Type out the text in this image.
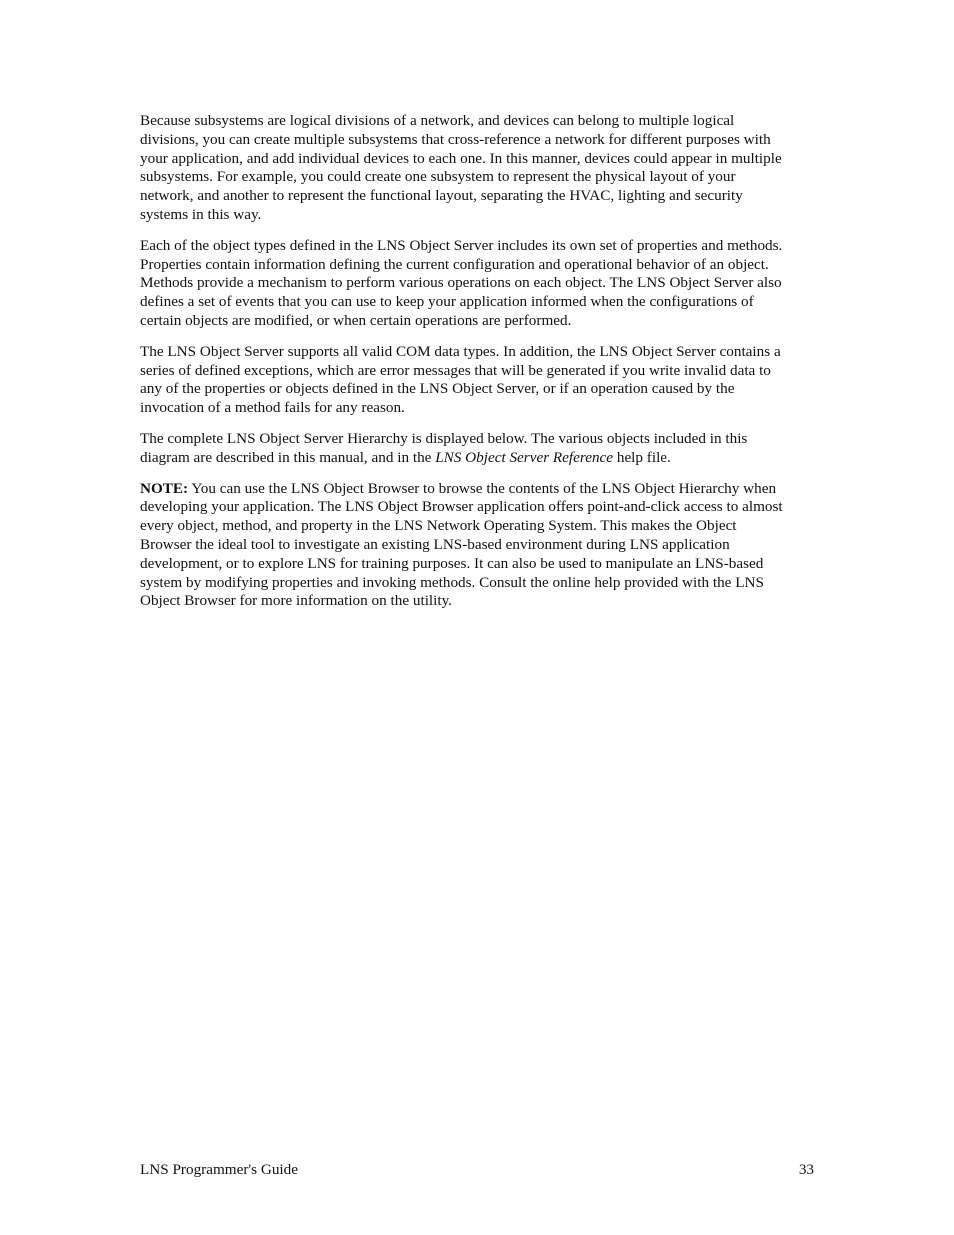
Because subsystems are logical divisions of a network, and devices can belong to multiple logical divisions, you can create multiple subsystems that cross-reference a network for different purposes with your application, and add individual devices to each one. In this manner, devices could appear in multiple subsystems. For example, you could create one subsystem to represent the physical layout of your network, and another to represent the functional layout, separating the HVAC, lighting and security systems in this way.

Each of the object types defined in the LNS Object Server includes its own set of properties and methods. Properties contain information defining the current configuration and operational behavior of an object. Methods provide a mechanism to perform various operations on each object. The LNS Object Server also defines a set of events that you can use to keep your application informed when the configurations of certain objects are modified, or when certain operations are performed.

The LNS Object Server supports all valid COM data types. In addition, the LNS Object Server contains a series of defined exceptions, which are error messages that will be generated if you write invalid data to any of the properties or objects defined in the LNS Object Server, or if an operation caused by the invocation of a method fails for any reason.

The complete LNS Object Server Hierarchy is displayed below. The various objects included in this diagram are described in this manual, and in the LNS Object Server Reference help file.

NOTE: You can use the LNS Object Browser to browse the contents of the LNS Object Hierarchy when developing your application. The LNS Object Browser application offers point-and-click access to almost every object, method, and property in the LNS Network Operating System. This makes the Object Browser the ideal tool to investigate an existing LNS-based environment during LNS application development, or to explore LNS for training purposes. It can also be used to manipulate an LNS-based system by modifying properties and invoking methods. Consult the online help provided with the LNS Object Browser for more information on the utility.

LNS Programmer's Guide	33
